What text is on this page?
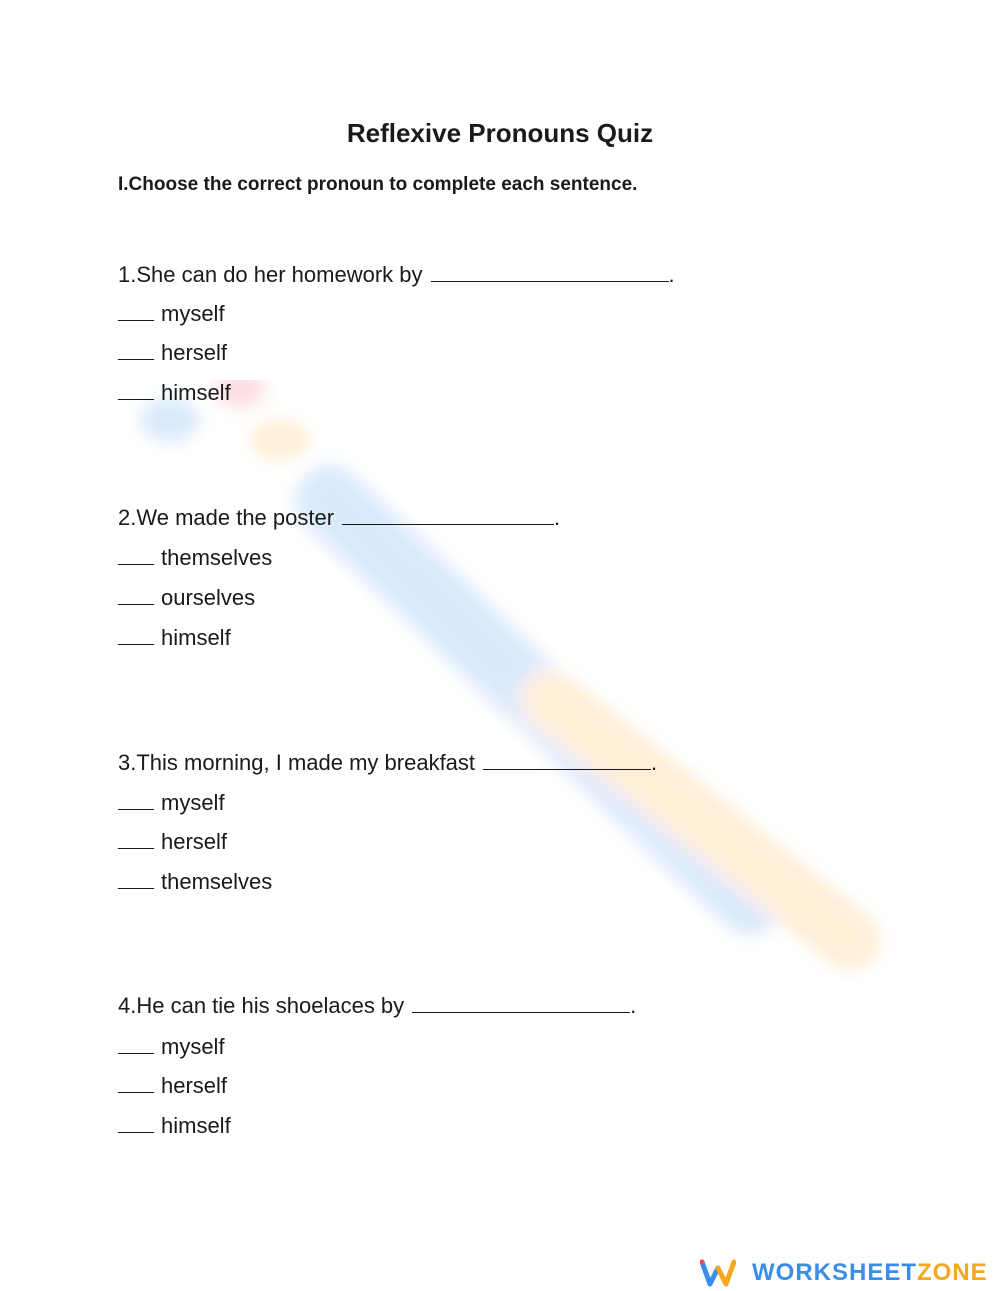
Reflexive Pronouns Quiz
I.Choose the correct pronoun to complete each sentence.
1.She can do her homework by	.
myself
herself
himself
2.We made the poster	.
themselves
ourselves
himself
3.This morning, I made my breakfast	.
myself
herself
themselves
4.He can tie his shoelaces by	.
myself
herself
himself
WORKSHEETZONE
